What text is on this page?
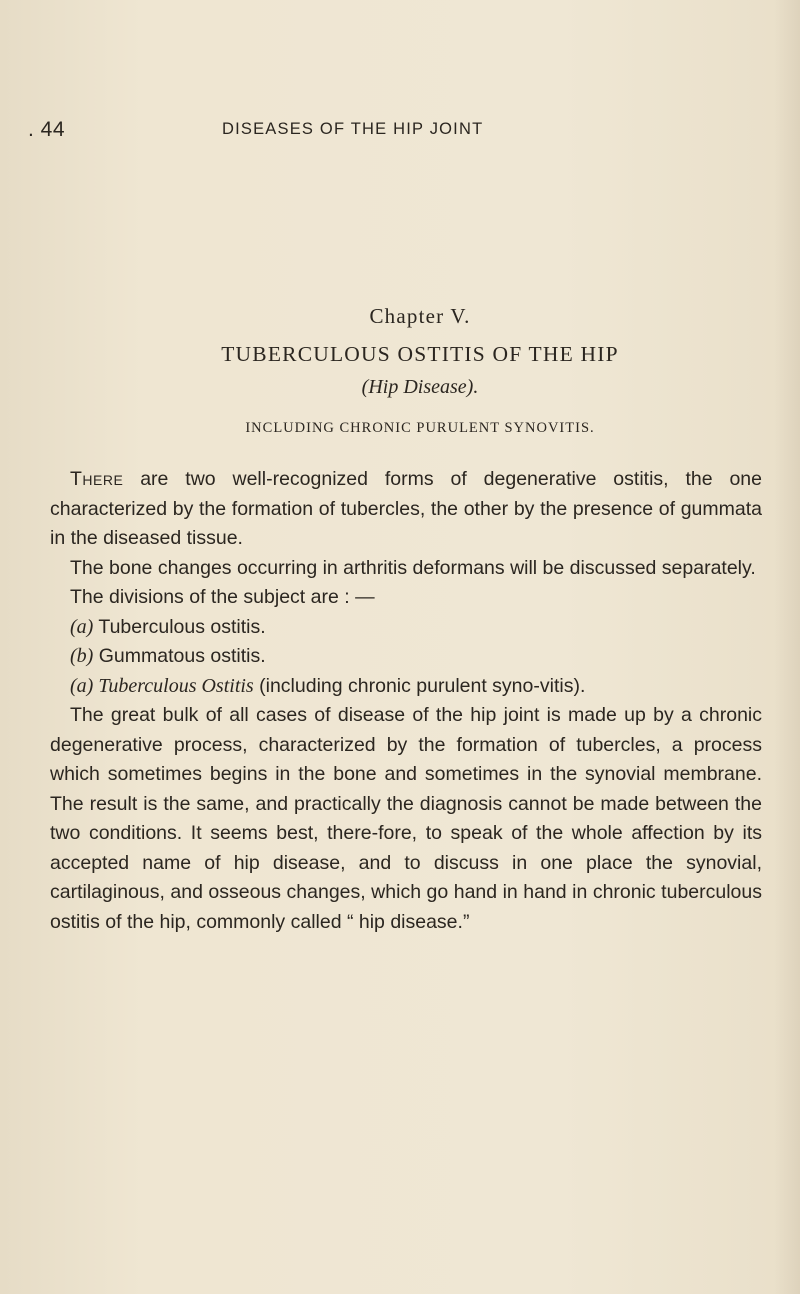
. 44	DISEASES OF THE HIP JOINT
Chapter V.
TUBERCULOUS OSTITIS OF THE HIP
(Hip Disease).
INCLUDING CHRONIC PURULENT SYNOVITIS.

There are two well-recognized forms of degenerative ostitis, the one characterized by the formation of tubercles, the other by the presence of gummata in the diseased tissue.

The bone changes occurring in arthritis deformans will be discussed separately.

The divisions of the subject are : —

(a) Tuberculous ostitis.

(b) Gummatous ostitis.

(a) Tuberculous Ostitis (including chronic purulent syno-vitis).

The great bulk of all cases of disease of the hip joint is made up by a chronic degenerative process, characterized by the formation of tubercles, a process which sometimes begins in the bone and sometimes in the synovial membrane. The result is the same, and practically the diagnosis cannot be made between the two conditions. It seems best, there-fore, to speak of the whole affection by its accepted name of hip disease, and to discuss in one place the synovial, cartilaginous, and osseous changes, which go hand in hand in chronic tuberculous ostitis of the hip, commonly called “ hip disease.”
